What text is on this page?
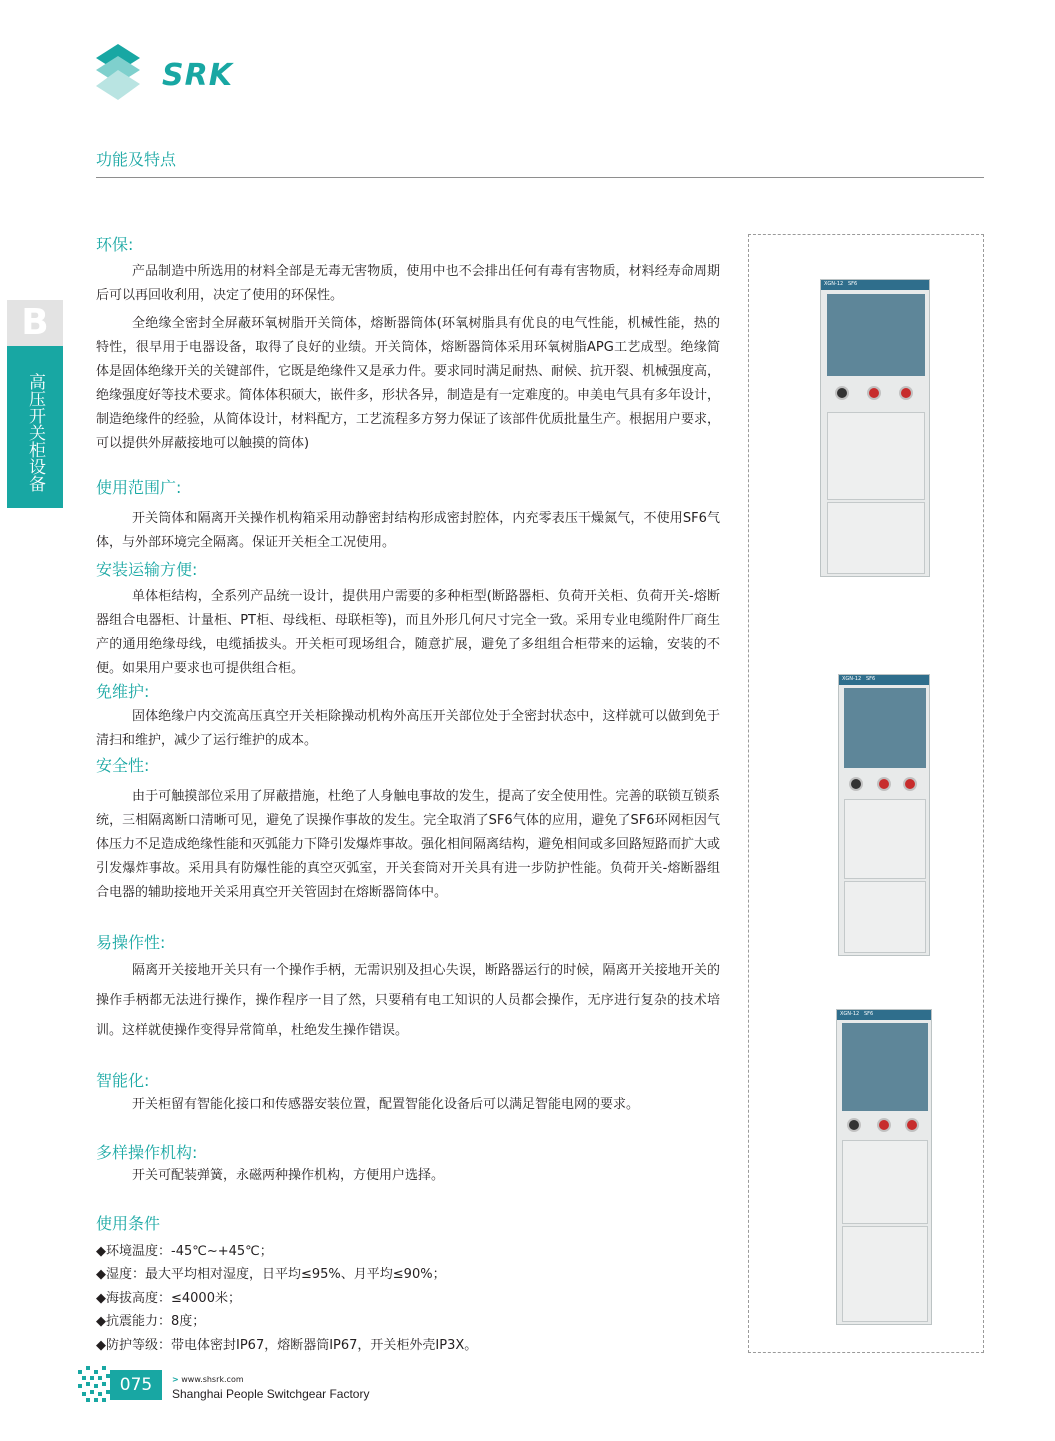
SRK
功能及特点
B
高压开关柜设备
环保:
产品制造中所选用的材料全部是无毒无害物质，使用中也不会排出任何有毒有害物质，材料经寿命周期后可以再回收利用，决定了使用的环保性。
全绝缘全密封全屏蔽环氧树脂开关筒体，熔断器筒体(环氧树脂具有优良的电气性能，机械性能，热的特性，很早用于电器设备，取得了良好的业绩。开关筒体，熔断器筒体采用环氧树脂APG工艺成型。绝缘简体是固体绝缘开关的关键部件，它既是绝缘件又是承力件。要求同时满足耐热、耐候、抗开裂、机械强度高，绝缘强度好等技术要求。简体体积硕大，嵌件多，形状各异，制造是有一定难度的。申美电气具有多年设计，制造绝缘件的经验，从简体设计，材料配方，工艺流程多方努力保证了该部件优质批量生产。根据用户要求，可以提供外屏蔽接地可以触摸的筒体)
使用范围广:
开关筒体和隔离开关操作机构箱采用动静密封结构形成密封腔体，内充零表压干燥氮气，不使用SF6气体，与外部环境完全隔离。保证开关柜全工况使用。
安装运输方便:
单体柜结构，全系列产品统一设计，提供用户需要的多种柜型(断路器柜、负荷开关柜、负荷开关-熔断器组合电器柜、计量柜、PT柜、母线柜、母联柜等)，而且外形几何尺寸完全一致。采用专业电缆附件厂商生产的通用绝缘母线，电缆插拔头。开关柜可现场组合，随意扩展，避免了多组组合柜带来的运输，安装的不便。如果用户要求也可提供组合柜。
免维护:
固体绝缘户内交流高压真空开关柜除操动机构外高压开关部位处于全密封状态中，这样就可以做到免于清扫和维护，减少了运行维护的成本。
安全性:
由于可触摸部位采用了屏蔽措施，杜绝了人身触电事故的发生，提高了安全使用性。完善的联锁互锁系统，三相隔离断口清晰可见，避免了误操作事故的发生。完全取消了SF6气体的应用，避免了SF6环网柜因气体压力不足造成绝缘性能和灭弧能力下降引发爆炸事故。强化相间隔离结构，避免相间或多回路短路而扩大或引发爆炸事故。采用具有防爆性能的真空灭弧室，开关套筒对开关具有进一步防护性能。负荷开关-熔断器组合电器的辅助接地开关采用真空开关管固封在熔断器筒体中。
易操作性:
隔离开关接地开关只有一个操作手柄，无需识别及担心失误，断路器运行的时候，隔离开关接地开关的操作手柄都无法进行操作，操作程序一目了然，只要稍有电工知识的人员都会操作，无序进行复杂的技术培训。这样就使操作变得异常简单，杜绝发生操作错误。
智能化:
开关柜留有智能化接口和传感器安装位置，配置智能化设备后可以满足智能电网的要求。
多样操作机构:
开关可配装弹簧，永磁两种操作机构，方便用户选择。
使用条件
◆环境温度：-45℃~+45℃；
◆湿度：最大平均相对湿度，日平均≤95%、月平均≤90%；
◆海拔高度：≤4000米；
◆抗震能力：8度；
◆防护等级：带电体密封IP67，熔断器筒IP67，开关柜外壳IP3X。
XGN-12 SF6
XGN-12 SF6
XGN-12 SF6
075	> www.shsrk.com
Shanghai People Switchgear Factory
